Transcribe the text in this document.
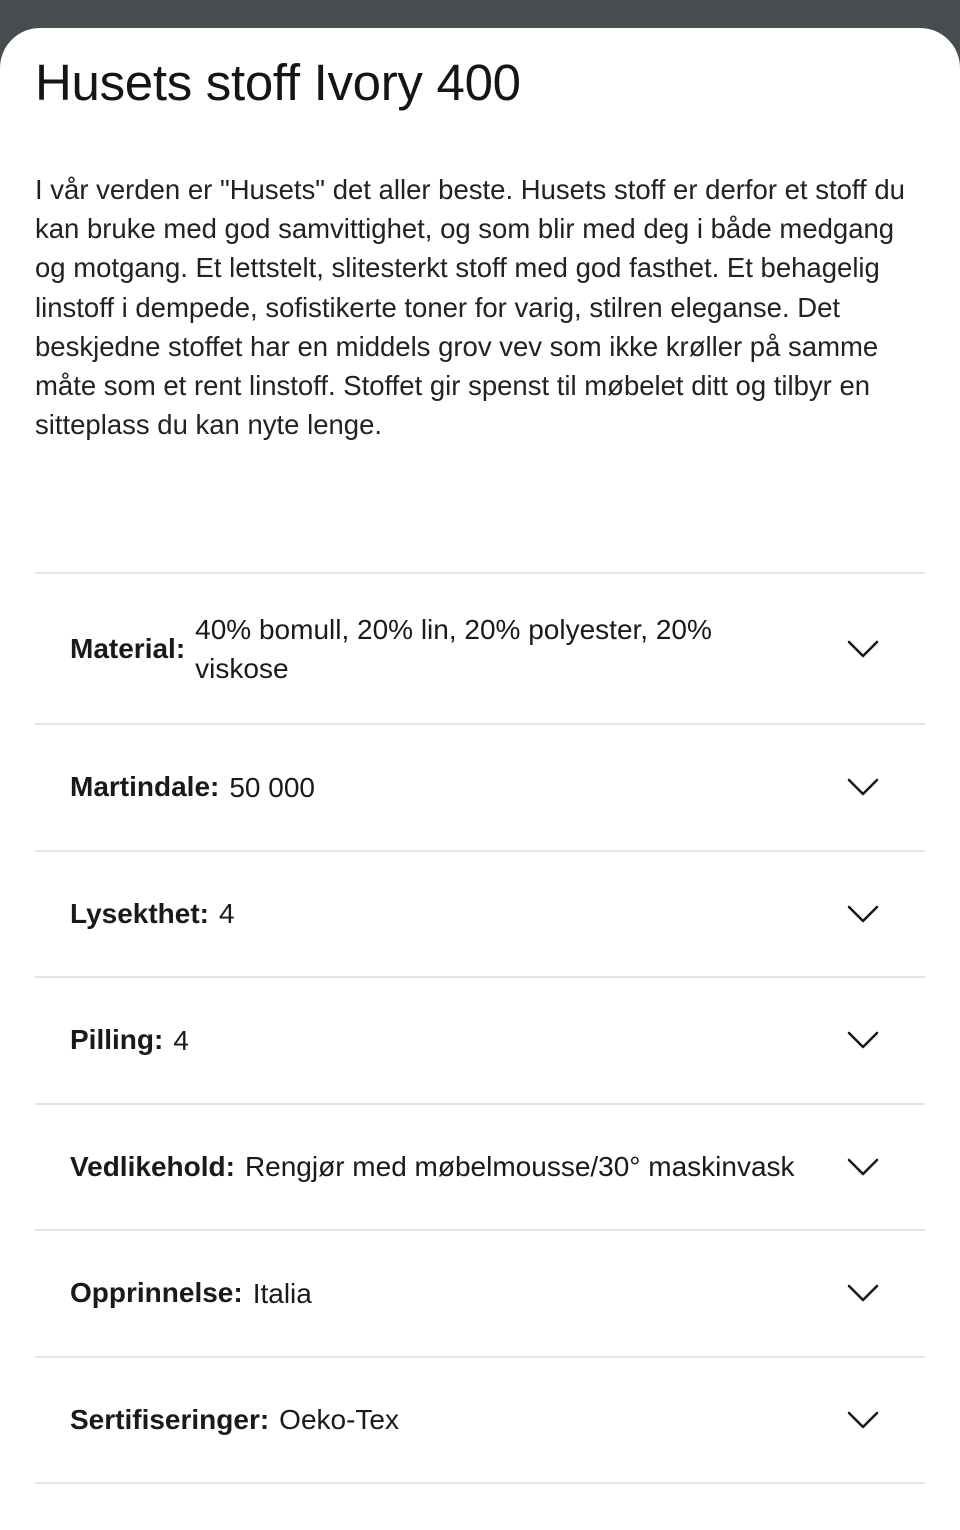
Husets stoff Ivory 400

I vår verden er "Husets" det aller beste. Husets stoff er derfor et stoff du kan bruke med god samvittighet, og som blir med deg i både medgang og motgang. Et lettstelt, slitesterkt stoff med god fasthet. Et behagelig linstoff i dempede, sofistikerte toner for varig, stilren eleganse. Det beskjedne stoffet har en middels grov vev som ikke krøller på samme måte som et rent linstoff. Stoffet gir spenst til møbelet ditt og tilbyr en sitteplass du kan nyte lenge.

Material:
40% bomull, 20% lin, 20% polyester, 20% viskose
Martindale: 50 000
Lysekthet: 4
Pilling: 4
Vedlikehold: Rengjør med møbelmousse/30° maskinvask
Opprinnelse: Italia
Sertifiseringer: Oeko-Tex
